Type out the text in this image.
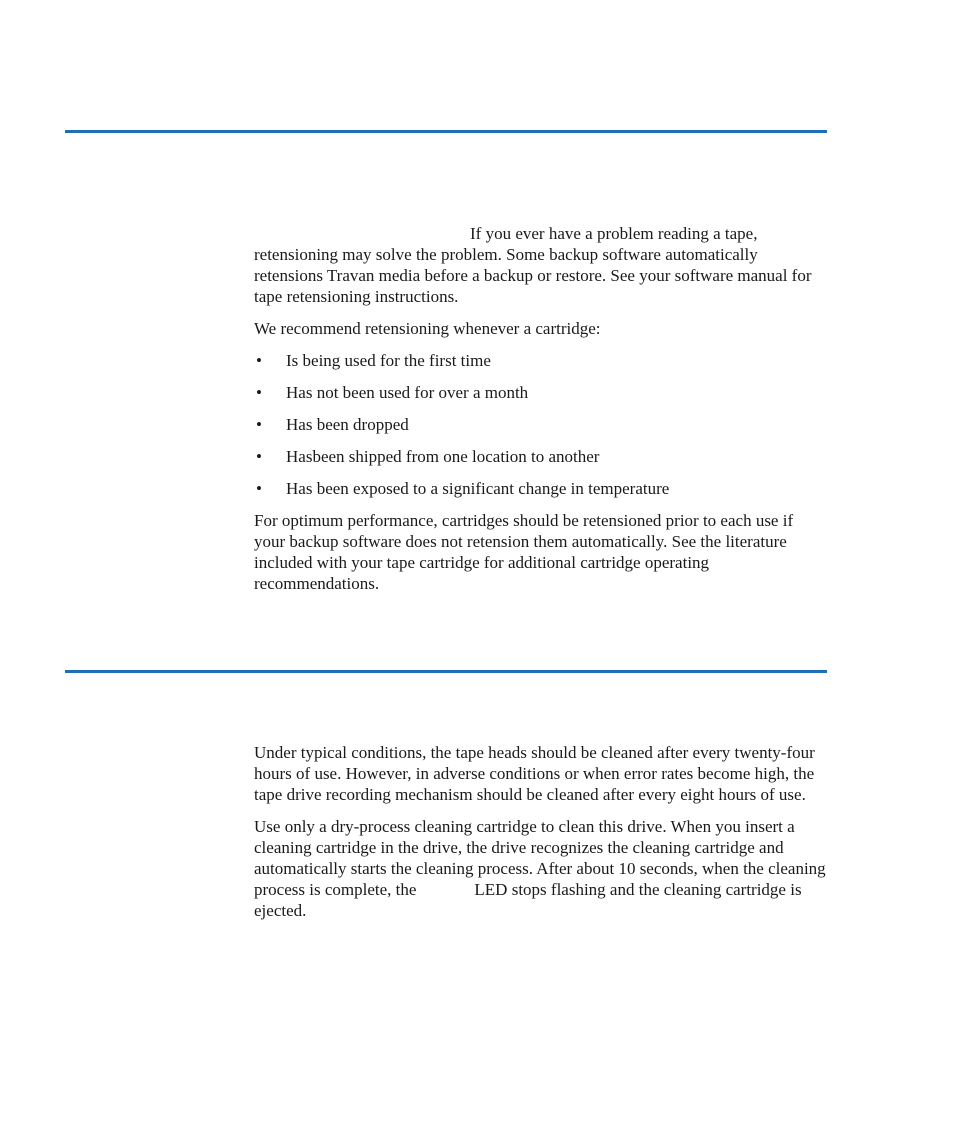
If you ever have a problem reading a tape, retensioning may solve the problem. Some backup software automatically retensions Travan media before a backup or restore. See your software manual for tape retensioning instructions.

We recommend retensioning whenever a cartridge:

• Is being used for the first time
• Has not been used for over a month
• Has been dropped
• Hasbeen shipped from one location to another
• Has been exposed to a significant change in temperature

For optimum performance, cartridges should be retensioned prior to each use if your backup software does not retension them automatically. See the literature included with your tape cartridge for additional cartridge operating recommendations.

Under typical conditions, the tape heads should be cleaned after every twenty-four hours of use. However, in adverse conditions or when error rates become high, the tape drive recording mechanism should be cleaned after every eight hours of use.

Use only a dry-process cleaning cartridge to clean this drive. When you insert a cleaning cartridge in the drive, the drive recognizes the cleaning cartridge and automatically starts the cleaning process. After about 10 seconds, when the cleaning process is complete, the	LED stops flashing and the cleaning cartridge is ejected.
